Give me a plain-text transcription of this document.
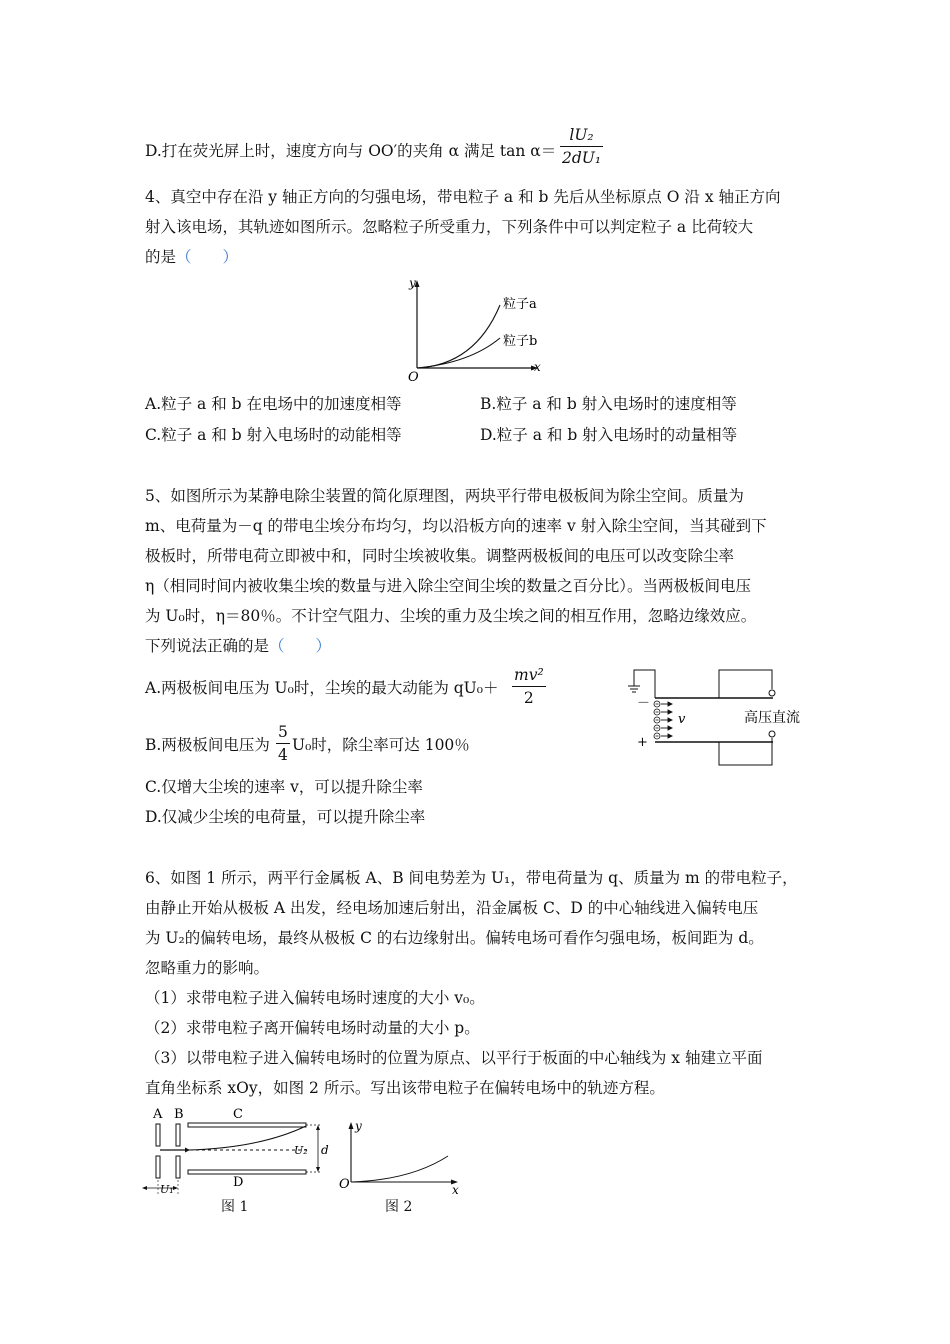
D.打在荧光屏上时，速度方向与 OO′的夹角 α 满足 $\tan \alpha= \frac{\text{lU₂}}{\text{2dU₁}}$
4、真空中存在沿 y 轴正方向的匀强电场，带电粒子 a 和 b 先后从坐标原点 O 沿 x 轴正方向
射入该电场，其轨迹如图所示。忽略粒子所受重力，下列条件中可以判定粒子 a 比荷较大
的是（　　）
y
x
O
粒子a
粒子b
A.粒子 a 和 b 在电场中的加速度相等	B.粒子 a 和 b 射入电场时的速度相等
C.粒子 a 和 b 射入电场时的动能相等	D.粒子 a 和 b 射入电场时的动量相等
5、如图所示为某静电除尘装置的简化原理图，两块平行带电极板间为除尘空间。质量为
m、电荷量为－q 的带电尘埃分布均匀，均以沿板方向的速率 v 射入除尘空间，当其碰到下
极板时，所带电荷立即被中和，同时尘埃被收集。调整两极板间的电压可以改变除尘率
η（相同时间内被收集尘埃的数量与进入除尘空间尘埃的数量之百分比）。当两极板间电压
为 U₀时，η＝80％。不计空气阻力、尘埃的重力及尘埃之间的相互作用，忽略边缘效应。
下列说法正确的是（　　）
A.两极板间电压为 U₀时，尘埃的最大动能为 $qU_0+ \frac{\text{mv²}}{2}$
B.两极板间电压为 $\frac{5}{4} U_0$时，除尘率可达 100％
C.仅增大尘埃的速率 v，可以提升除尘率
D.仅减少尘埃的电荷量，可以提升除尘率
－
+
v	高压直流
6、如图 1 所示，两平行金属板 A、B 间电势差为 U₁，带电荷量为 q、质量为 m 的带电粒子，
由静止开始从极板 A 出发，经电场加速后射出，沿金属板 C、D 的中心轴线进入偏转电压
为 U₂的偏转电场，最终从极板 C 的右边缘射出。偏转电场可看作匀强电场，板间距为 d。
忽略重力的影响。
（1）求带电粒子进入偏转电场时速度的大小 v₀。
（2）求带电粒子离开偏转电场时动量的大小 p。
（3）以带电粒子进入偏转电场时的位置为原点、以平行于板面的中心轴线为 x 轴建立平面
直角坐标系 xOy，如图 2 所示。写出该带电粒子在偏转电场中的轨迹方程。
A B	C
d
U₂
D
U₁
图 1
y
x
O
图 2
